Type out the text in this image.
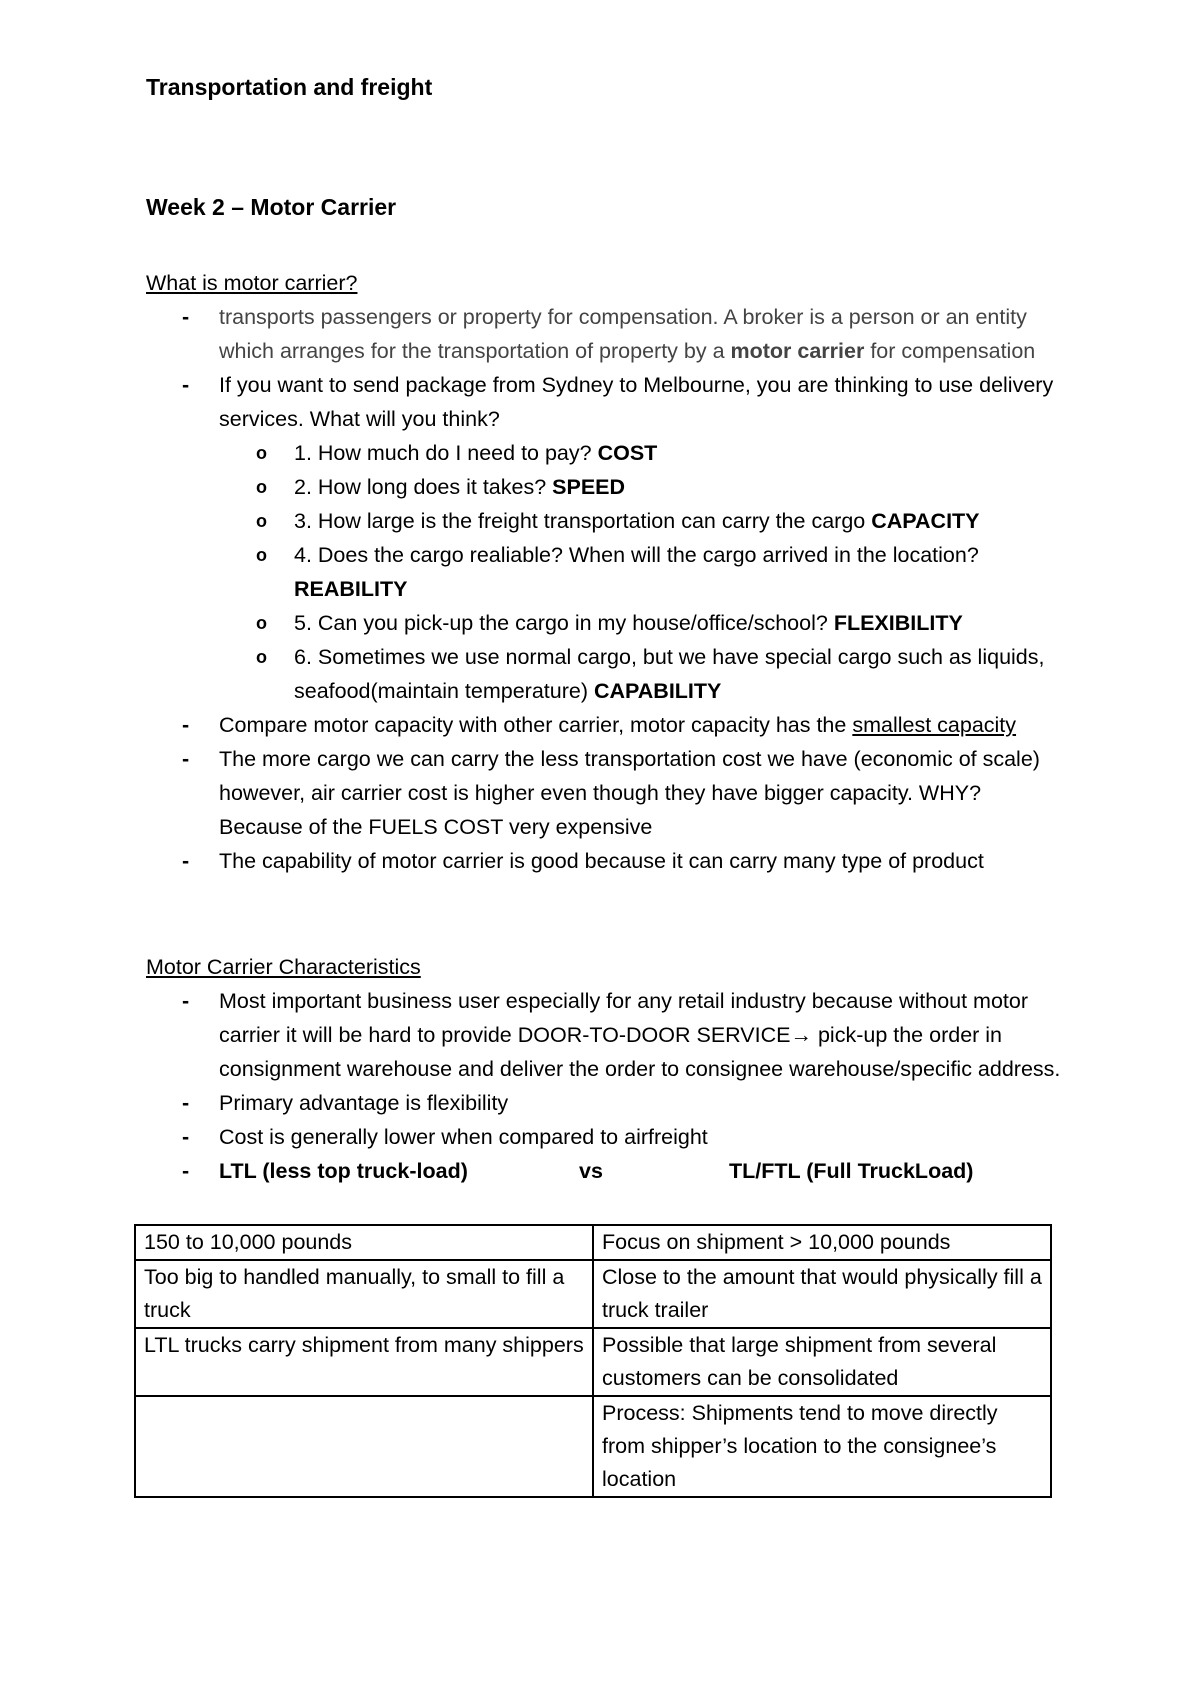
Transportation and freight
Week 2 – Motor Carrier
What is motor carrier?
- transports passengers or property for compensation. A broker is a person or an entity which arranges for the transportation of property by a motor carrier for compensation
- If you want to send package from Sydney to Melbourne, you are thinking to use delivery services. What will you think?
o 1. How much do I need to pay? COST
o 2. How long does it takes? SPEED
o 3. How large is the freight transportation can carry the cargo CAPACITY
o 4. Does the cargo realiable? When will the cargo arrived in the location? REABILITY
o 5. Can you pick-up the cargo in my house/office/school? FLEXIBILITY
o 6. Sometimes we use normal cargo, but we have special cargo such as liquids, seafood(maintain temperature) CAPABILITY
- Compare motor capacity with other carrier, motor capacity has the smallest capacity
- The more cargo we can carry the less transportation cost we have (economic of scale) however, air carrier cost is higher even though they have bigger capacity. WHY? Because of the FUELS COST very expensive
- The capability of motor carrier is good because it can carry many type of product
Motor Carrier Characteristics
- Most important business user especially for any retail industry because without motor carrier it will be hard to provide DOOR-TO-DOOR SERVICE→ pick-up the order in consignment warehouse and deliver the order to consignee warehouse/specific address.
- Primary advantage is flexibility
- Cost is generally lower when compared to airfreight
- LTL (less top truck-load)	vs	TL/FTL (Full TruckLoad)
150 to 10,000 pounds	Focus on shipment > 10,000 pounds
Too big to handled manually, to small to fill a truck	Close to the amount that would physically fill a truck trailer
LTL trucks carry shipment from many shippers	Possible that large shipment from several customers can be consolidated
	Process: Shipments tend to move directly from shipper’s location to the consignee’s location
